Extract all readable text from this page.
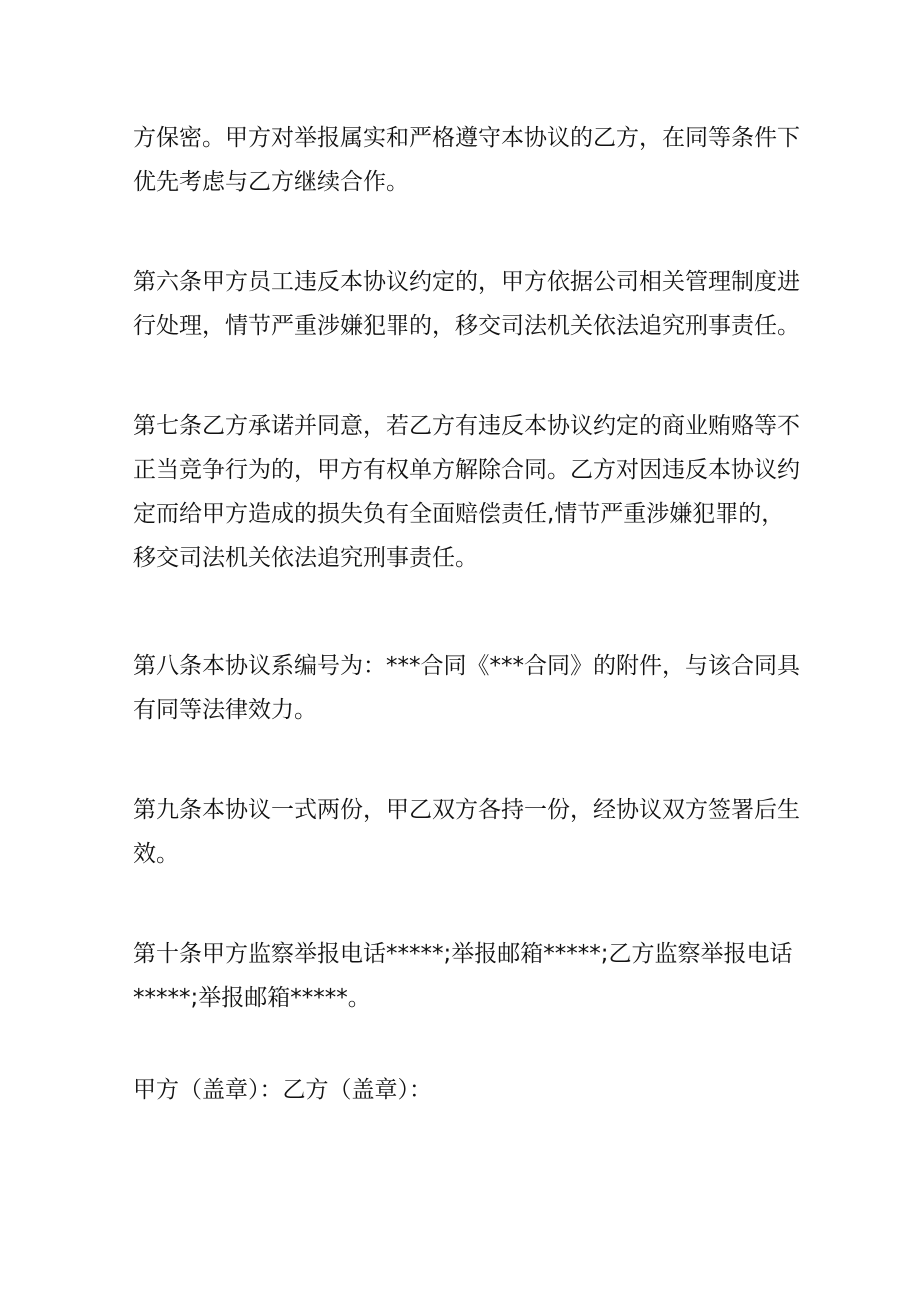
方保密。甲方对举报属实和严格遵守本协议的乙方，在同等条件下
优先考虑与乙方继续合作。

第六条甲方员工违反本协议约定的，甲方依据公司相关管理制度进
行处理，情节严重涉嫌犯罪的，移交司法机关依法追究刑事责任。

第七条乙方承诺并同意，若乙方有违反本协议约定的商业贿赂等不
正当竞争行为的，甲方有权单方解除合同。乙方对因违反本协议约
定而给甲方造成的损失负有全面赔偿责任,情节严重涉嫌犯罪的，
移交司法机关依法追究刑事责任。

第八条本协议系编号为：***合同《***合同》的附件，与该合同具
有同等法律效力。

第九条本协议一式两份，甲乙双方各持一份，经协议双方签署后生
效。

第十条甲方监察举报电话*****;举报邮箱*****;乙方监察举报电话
*****;举报邮箱*****。

甲方（盖章）：乙方（盖章）：
